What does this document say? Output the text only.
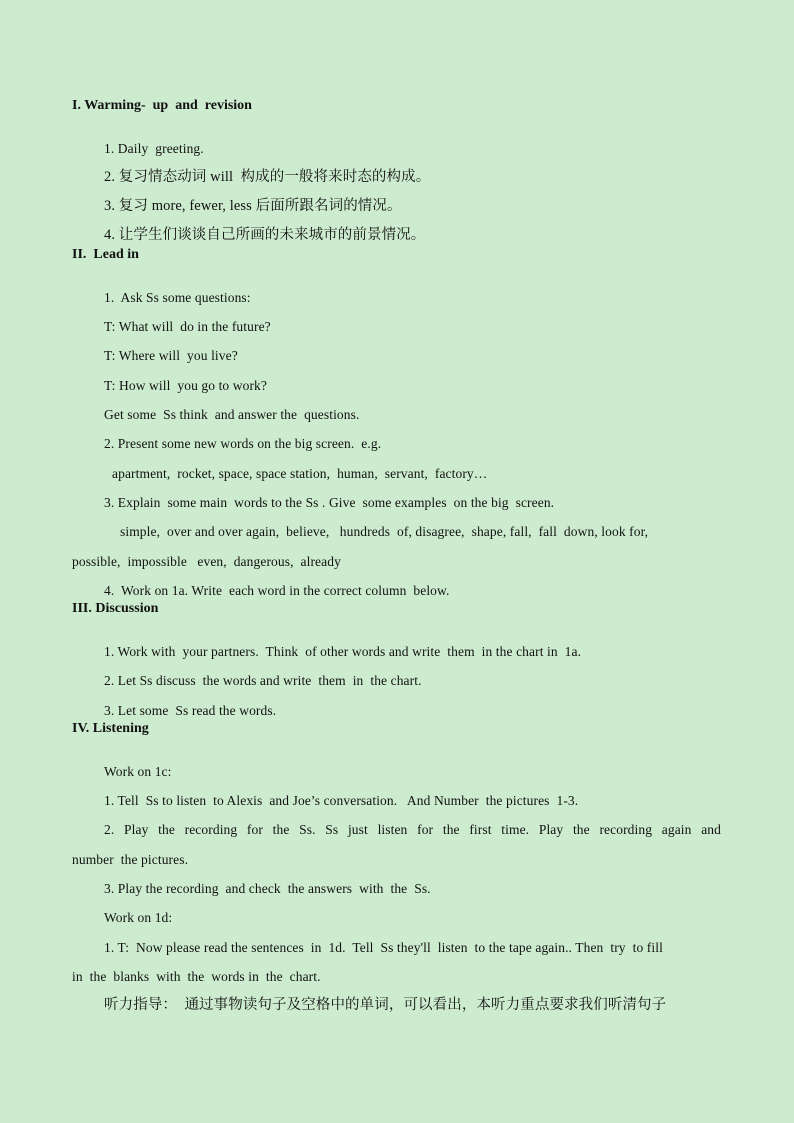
I. Warming-  up  and  revision
1. Daily  greeting.
2. 复习情态动词 will  构成的一般将来时态的构成。
3. 复习 more, fewer, less 后面所跟名词的情况。
4. 让学生们谈谈自己所画的未来城市的前景情况。
II.  Lead in
1.  Ask Ss some questions:
T: What will  do in the future?
T: Where will  you live?
T: How will  you go to work?
Get some  Ss think  and answer the  questions.
2. Present some new words on the big screen.  e.g.
apartment,  rocket, space, space station,  human,  servant,  factory…
3. Explain  some main  words to the Ss . Give  some examples  on the big  screen.
simple,  over and over again,  believe,   hundreds  of, disagree,  shape, fall,  fall  down, look for,
possible,  impossible   even,  dangerous,  already
4.  Work on 1a. Write  each word in the correct column  below.
III. Discussion
1. Work with  your partners.  Think  of other words and write  them  in the chart in  1a.
2. Let Ss discuss  the words and write  them  in  the chart.
3. Let some  Ss read the words.
IV. Listening
Work on 1c:
1. Tell  Ss to listen  to Alexis  and Joe’s conversation.   And Number  the pictures  1-3.
2. Play the recording for the Ss. Ss just listen for the first time. Play the recording again and
number  the pictures.
3. Play the recording  and check  the answers  with  the  Ss.
Work on 1d:
1. T:  Now please read the sentences  in  1d.  Tell  Ss they'll  listen  to the tape again.. Then  try  to fill
in  the  blanks  with  the  words in  the  chart.
听力指导：  通过事物读句子及空格中的单词，可以看出，本听力重点要求我们听清句子
